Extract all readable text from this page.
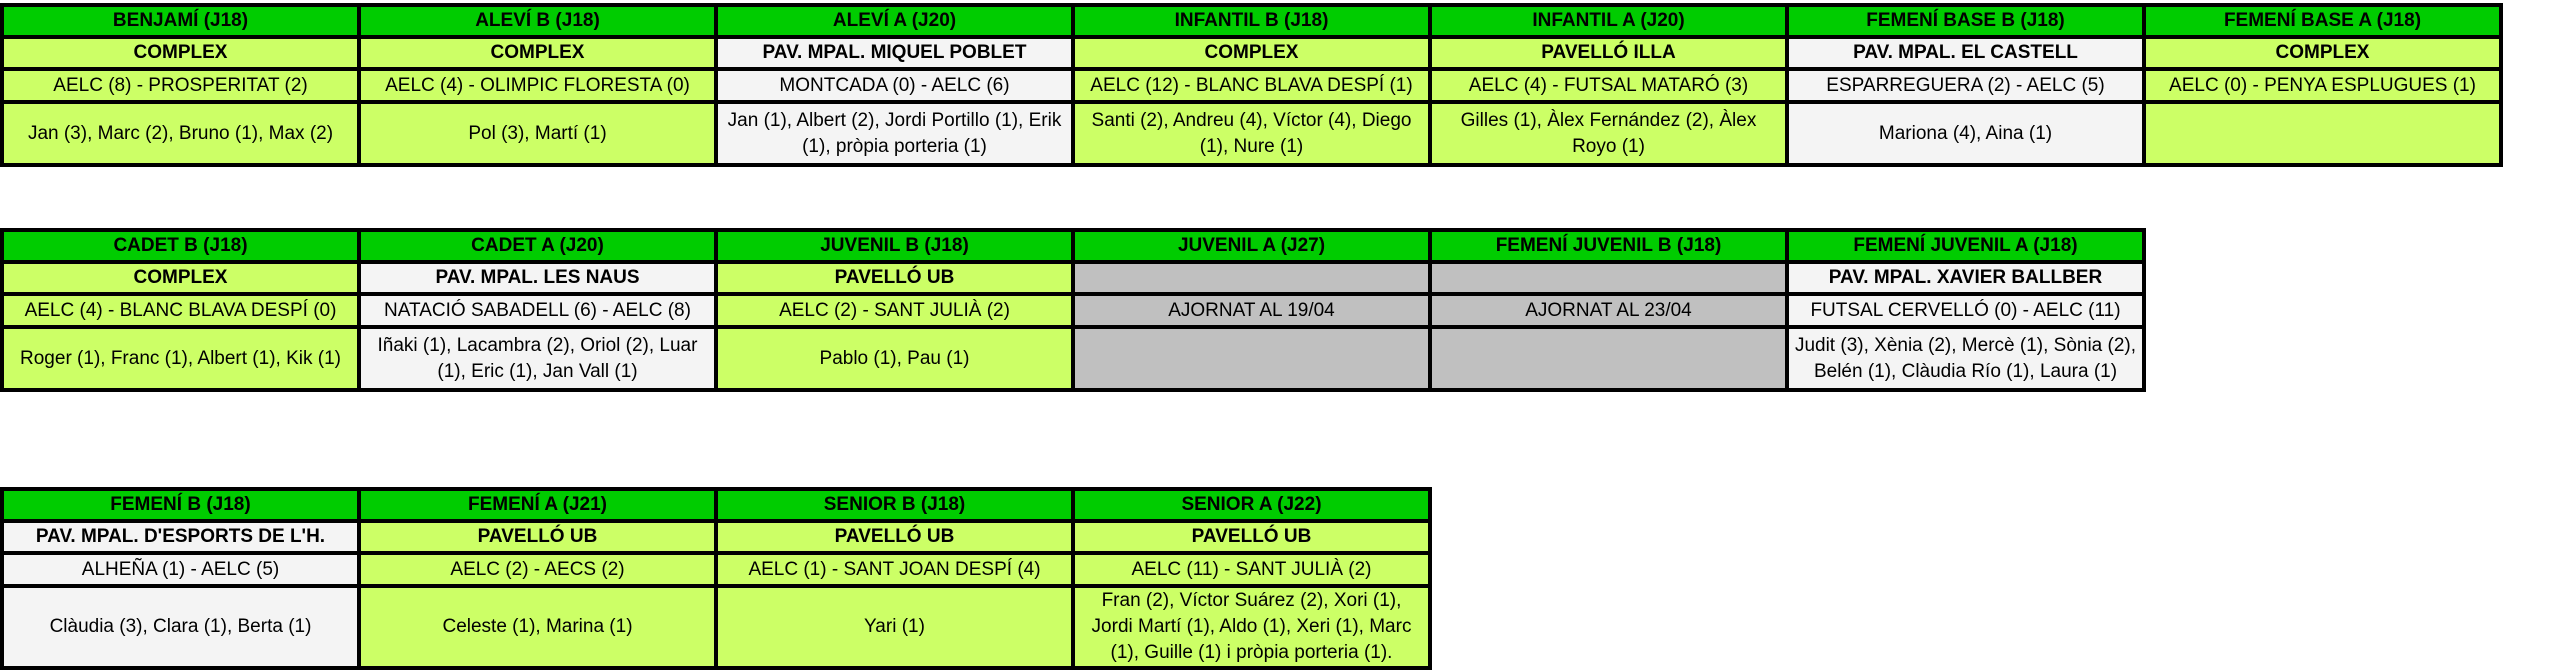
BENJAMÍ (J18)	ALEVÍ B (J18)	ALEVÍ A (J20)	INFANTIL B (J18)	INFANTIL A (J20)	FEMENÍ BASE B (J18)	FEMENÍ BASE A (J18)
COMPLEX	COMPLEX	PAV. MPAL. MIQUEL POBLET	COMPLEX	PAVELLÓ ILLA	PAV. MPAL. EL CASTELL	COMPLEX
AELC (8) - PROSPERITAT (2)	AELC (4) - OLIMPIC FLORESTA (0)	MONTCADA (0) - AELC (6)	AELC (12) - BLANC BLAVA DESPÍ (1)	AELC (4) - FUTSAL MATARÓ (3)	ESPARREGUERA (2) - AELC (5)	AELC (0) - PENYA ESPLUGUES (1)
Jan (3), Marc (2), Bruno (1), Max (2)	Pol (3), Martí (1)	Jan (1), Albert (2), Jordi Portillo (1), Erik (1), pròpia porteria (1)	Santi (2), Andreu (4), Víctor (4), Diego (1), Nure (1)	Gilles (1), Àlex Fernández (2), Àlex Royo (1)	Mariona (4), Aina (1)	
CADET B (J18)	CADET A (J20)	JUVENIL B (J18)	JUVENIL A (J27)	FEMENÍ JUVENIL B (J18)	FEMENÍ JUVENIL A (J18)
COMPLEX	PAV. MPAL. LES NAUS	PAVELLÓ UB			PAV. MPAL. XAVIER BALLBER
AELC (4) - BLANC BLAVA DESPÍ (0)	NATACIÓ SABADELL (6) - AELC (8)	AELC (2) - SANT JULIÀ (2)	AJORNAT AL 19/04	AJORNAT AL 23/04	FUTSAL CERVELLÓ (0) - AELC (11)
Roger (1), Franc (1), Albert (1), Kik (1)	Iñaki (1), Lacambra (2), Oriol (2), Luar (1), Eric (1), Jan Vall (1)	Pablo (1), Pau (1)			Judit (3), Xènia (2), Mercè (1), Sònia (2), Belén (1), Clàudia Río (1), Laura (1)
FEMENÍ B (J18)	FEMENÍ A (J21)	SENIOR B (J18)	SENIOR A (J22)
PAV. MPAL. D'ESPORTS DE L'H.	PAVELLÓ UB	PAVELLÓ UB	PAVELLÓ UB
ALHEÑA (1) - AELC (5)	AELC (2) - AECS (2)	AELC (1) - SANT JOAN DESPÍ (4)	AELC (11) - SANT JULIÀ (2)
Clàudia (3), Clara (1), Berta (1)	Celeste (1), Marina (1)	Yari (1)	Fran (2), Víctor Suárez (2), Xori (1), Jordi Martí (1), Aldo (1), Xeri (1), Marc (1), Guille (1) i pròpia porteria (1).
